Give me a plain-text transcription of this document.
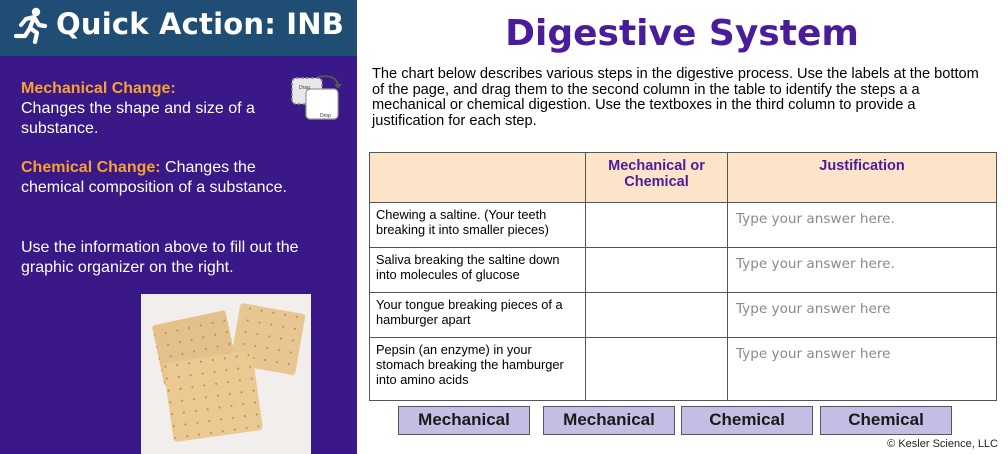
Quick Action: INB
Mechanical Change:
Changes the shape and size of a substance.
Chemical Change: Changes the chemical composition of a substance.
Use the information above to fill out the graphic organizer on the right.
Drag
Drop
Digestive System
The chart below describes various steps in the digestive process. Use the labels at the bottom of the page, and drag them to the second column in the table to identify the steps a a mechanical or chemical digestion. Use the textboxes in the third column to provide a justification for each step.
	Mechanical or Chemical	Justification
Chewing a saltine. (Your teeth breaking it into smaller pieces)		Type your answer here.
Saliva breaking the saltine down into molecules of glucose		Type your answer here.
Your tongue breaking pieces of a hamburger apart		Type your answer here
Pepsin (an enzyme) in your stomach breaking the hamburger into amino acids		Type your answer here
Mechanical	Mechanical	Chemical	Chemical
© Kesler Science, LLC
